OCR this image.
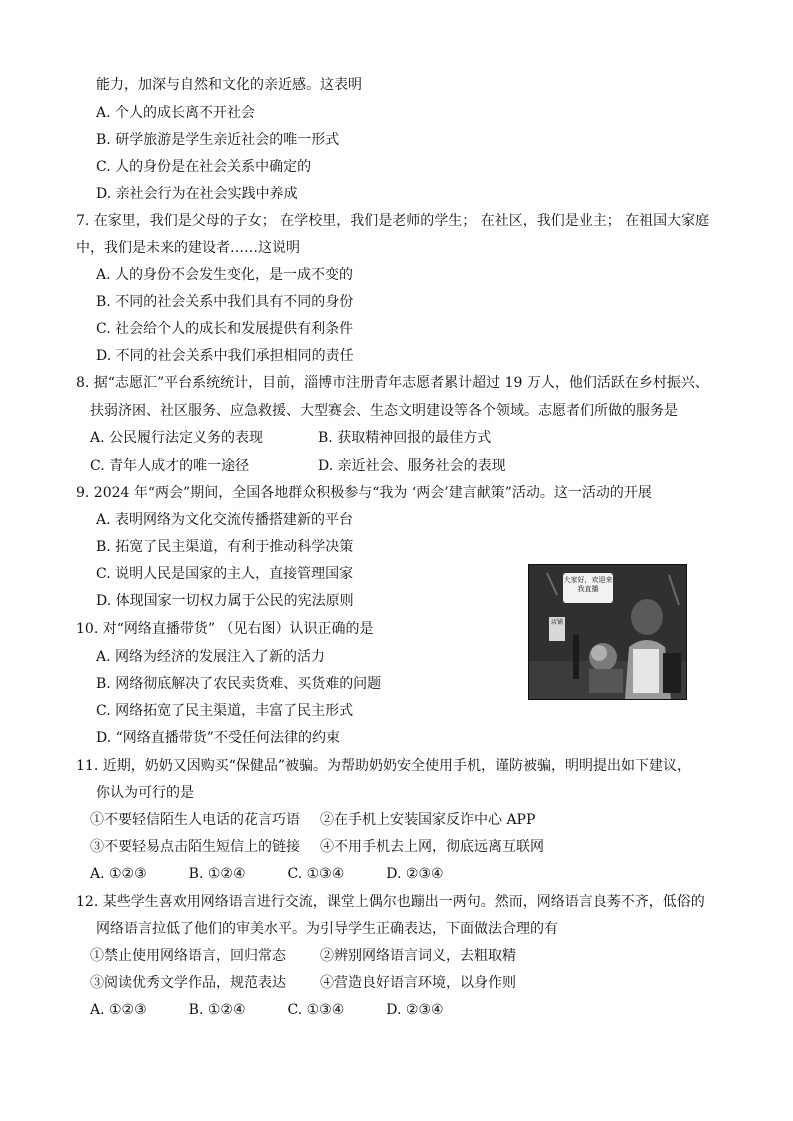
能力，加深与自然和文化的亲近感。这表明
A. 个人的成长离不开社会
B. 研学旅游是学生亲近社会的唯一形式
C. 人的身份是在社会关系中确定的
D. 亲社会行为在社会实践中养成
7. 在家里，我们是父母的子女； 在学校里，我们是老师的学生； 在社区，我们是业主； 在祖国大家庭
中，我们是未来的建设者……这说明
A. 人的身份不会发生变化，是一成不变的
B. 不同的社会关系中我们具有不同的身份
C. 社会给个人的成长和发展提供有利条件
D. 不同的社会关系中我们承担相同的责任
8. 据“志愿汇”平台系统统计，目前，淄博市注册青年志愿者累计超过 19 万人，他们活跃在乡村振兴、
扶弱济困、社区服务、应急救援、大型赛会、生态文明建设等各个领域。志愿者们所做的服务是
A. 公民履行法定义务的表现	B. 获取精神回报的最佳方式
C. 青年人成才的唯一途径	D. 亲近社会、服务社会的表现
9. 2024 年“两会”期间，全国各地群众积极参与“我为 ‘两会’建言献策”活动。这一活动的开展
A. 表明网络为文化交流传播搭建新的平台
B. 拓宽了民主渠道，有利于推动科学决策
C. 说明人民是国家的主人，直接管理国家
D. 体现国家一切权力属于公民的宪法原则
大家好，欢迎来我直播
店铺
10. 对“网络直播带货” （见右图）认识正确的是
A. 网络为经济的发展注入了新的活力
B. 网络彻底解决了农民卖货难、买货难的问题
C. 网络拓宽了民主渠道，丰富了民主形式
D. “网络直播带货”不受任何法律的约束
11. 近期，奶奶又因购买“保健品”被骗。为帮助奶奶安全使用手机，谨防被骗，明明提出如下建议，
你认为可行的是
①不要轻信陌生人电话的花言巧语 ②在手机上安装国家反诈中心 APP
③不要轻易点击陌生短信上的链接 ④不用手机去上网，彻底远离互联网
A. ①②③　　　B. ①②④　　　C. ①③④　　　D. ②③④
12. 某些学生喜欢用网络语言进行交流，课堂上偶尔也蹦出一两句。然而，网络语言良莠不齐，低俗的
网络语言拉低了他们的审美水平。为引导学生正确表达，下面做法合理的有
①禁止使用网络语言，回归常态 ②辨别网络语言词义，去粗取精
③阅读优秀文学作品，规范表达 ④营造良好语言环境，以身作则
A. ①②③　　　B. ①②④　　　C. ①③④　　　D. ②③④
